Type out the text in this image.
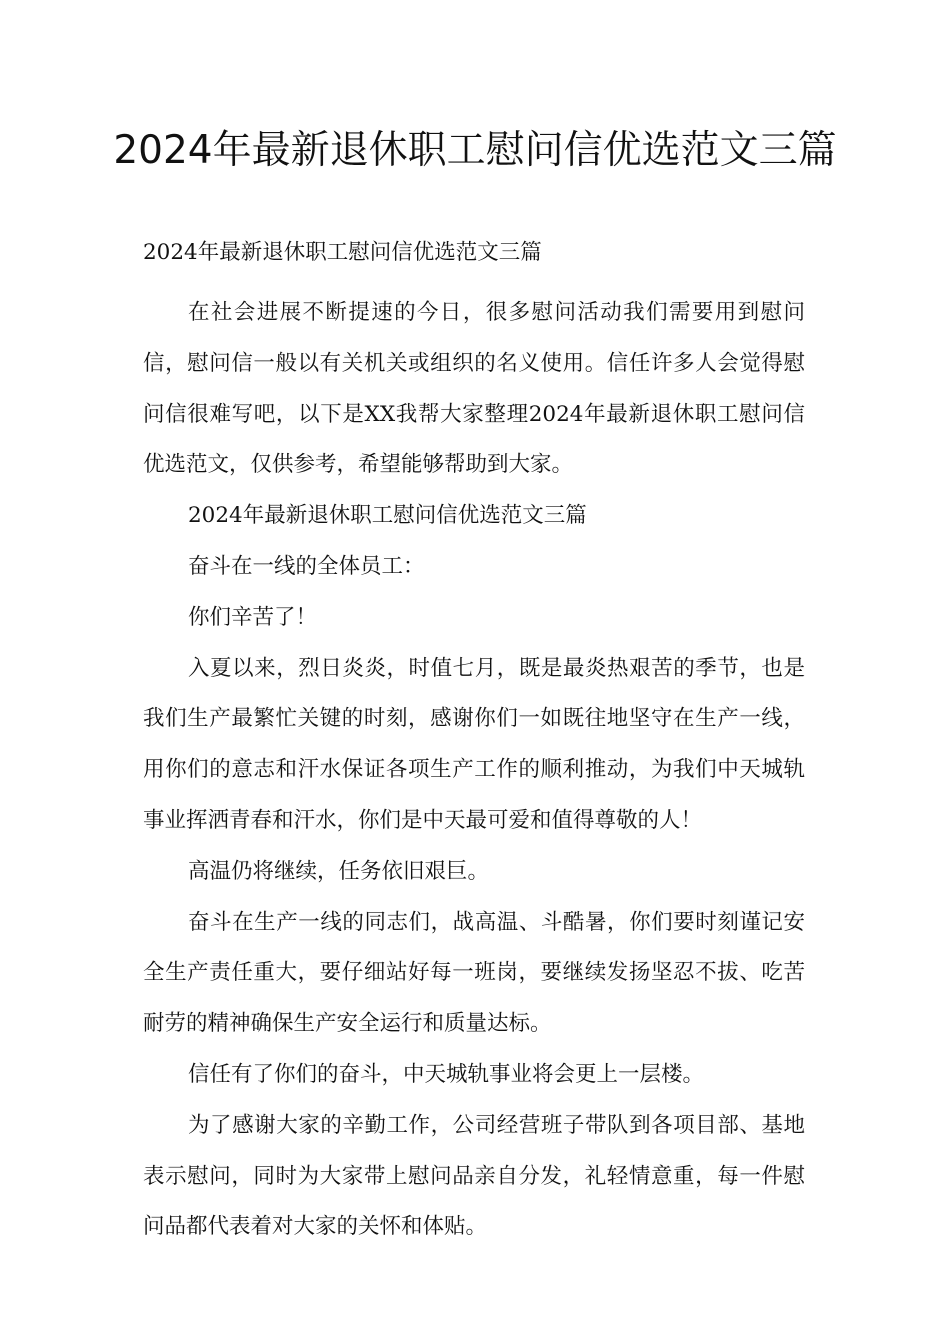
2024年最新退休职工慰问信优选范文三篇

2024年最新退休职工慰问信优选范文三篇

在社会进展不断提速的今日，很多慰问活动我们需要用到慰问信，慰问信一般以有关机关或组织的名义使用。信任许多人会觉得慰问信很难写吧，以下是XX我帮大家整理2024年最新退休职工慰问信优选范文，仅供参考，希望能够帮助到大家。

2024年最新退休职工慰问信优选范文三篇

奋斗在一线的全体员工：

你们辛苦了！

入夏以来，烈日炎炎，时值七月，既是最炎热艰苦的季节，也是我们生产最繁忙关键的时刻，感谢你们一如既往地坚守在生产一线，用你们的意志和汗水保证各项生产工作的顺利推动，为我们中天城轨事业挥洒青春和汗水，你们是中天最可爱和值得尊敬的人！

高温仍将继续，任务依旧艰巨。

奋斗在生产一线的同志们，战高温、斗酷暑，你们要时刻谨记安全生产责任重大，要仔细站好每一班岗，要继续发扬坚忍不拔、吃苦耐劳的精神确保生产安全运行和质量达标。

信任有了你们的奋斗，中天城轨事业将会更上一层楼。

为了感谢大家的辛勤工作，公司经营班子带队到各项目部、基地表示慰问，同时为大家带上慰问品亲自分发，礼轻情意重，每一件慰问品都代表着对大家的关怀和体贴。
